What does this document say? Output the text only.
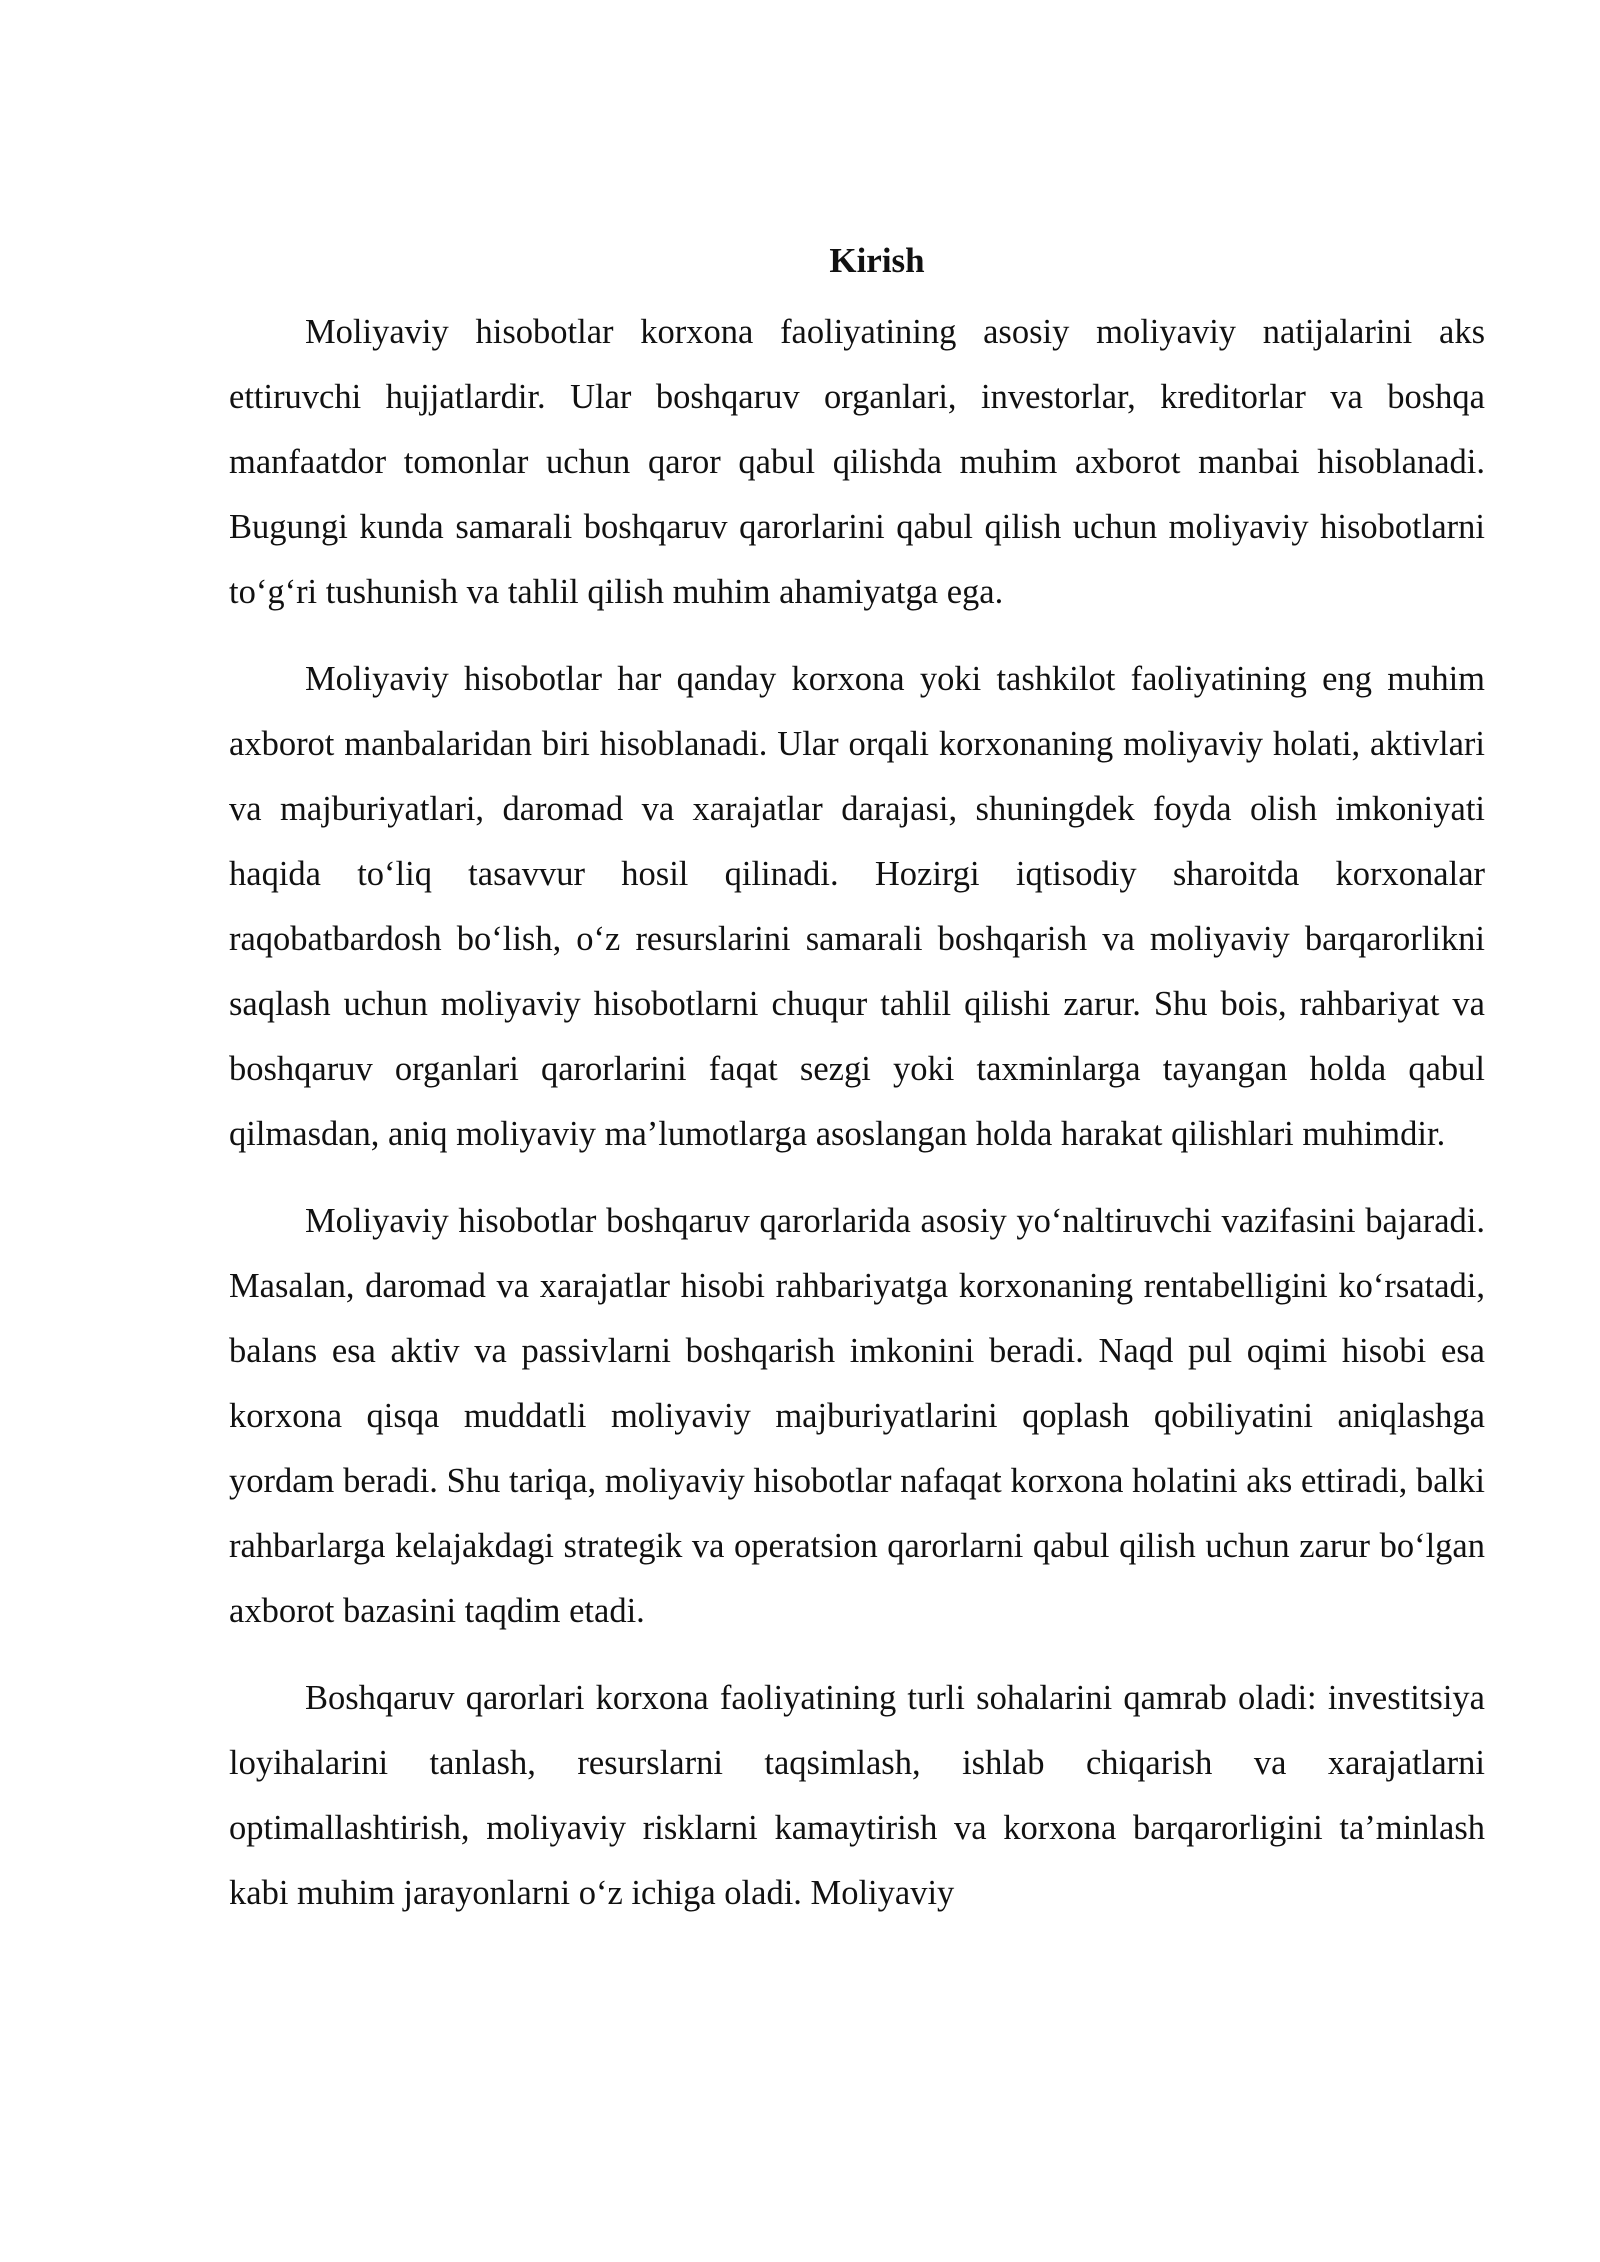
Kirish

Moliyaviy hisobotlar korxona faoliyatining asosiy moliyaviy natijalarini aks ettiruvchi hujjatlardir. Ular boshqaruv organlari, investorlar, kreditorlar va boshqa manfaatdor tomonlar uchun qaror qabul qilishda muhim axborot manbai hisoblanadi. Bugungi kunda samarali boshqaruv qarorlarini qabul qilish uchun moliyaviy hisobotlarni to‘g‘ri tushunish va tahlil qilish muhim ahamiyatga ega.

Moliyaviy hisobotlar har qanday korxona yoki tashkilot faoliyatining eng muhim axborot manbalaridan biri hisoblanadi. Ular orqali korxonaning moliyaviy holati, aktivlari va majburiyatlari, daromad va xarajatlar darajasi, shuningdek foyda olish imkoniyati haqida to‘liq tasavvur hosil qilinadi. Hozirgi iqtisodiy sharoitda korxonalar raqobatbardosh bo‘lish, o‘z resurslarini samarali boshqarish va moliyaviy barqarorlikni saqlash uchun moliyaviy hisobotlarni chuqur tahlil qilishi zarur. Shu bois, rahbariyat va boshqaruv organlari qarorlarini faqat sezgi yoki taxminlarga tayangan holda qabul qilmasdan, aniq moliyaviy ma’lumotlarga asoslangan holda harakat qilishlari muhimdir.

Moliyaviy hisobotlar boshqaruv qarorlarida asosiy yo‘naltiruvchi vazifasini bajaradi. Masalan, daromad va xarajatlar hisobi rahbariyatga korxonaning rentabelligini ko‘rsatadi, balans esa aktiv va passivlarni boshqarish imkonini beradi. Naqd pul oqimi hisobi esa korxona qisqa muddatli moliyaviy majburiyatlarini qoplash qobiliyatini aniqlashga yordam beradi. Shu tariqa, moliyaviy hisobotlar nafaqat korxona holatini aks ettiradi, balki rahbarlarga kelajakdagi strategik va operatsion qarorlarni qabul qilish uchun zarur bo‘lgan axborot bazasini taqdim etadi.

Boshqaruv qarorlari korxona faoliyatining turli sohalarini qamrab oladi: investitsiya loyihalarini tanlash, resurslarni taqsimlash, ishlab chiqarish va xarajatlarni optimallashtirish, moliyaviy risklarni kamaytirish va korxona barqarorligini ta’minlash kabi muhim jarayonlarni o‘z ichiga oladi. Moliyaviy
